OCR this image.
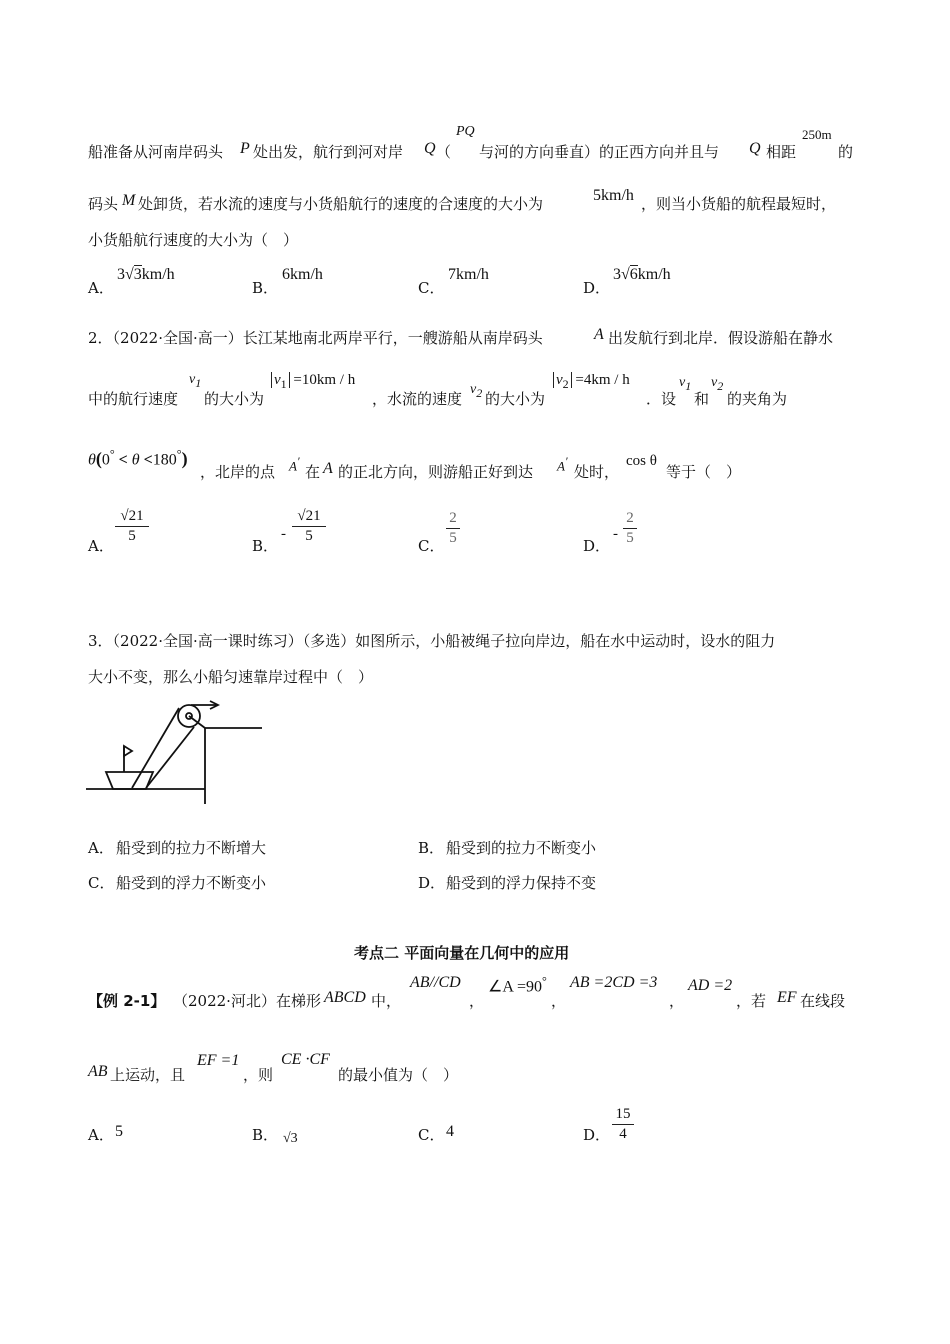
船准备从河南岸码头 P 处出发，航行到河对岸 Q （
PQ
与河的方向垂直）的正西方向并且与 Q 相距
250m
的
码头 M 处卸货，若水流的速度与小货船航行的速度的合速度的大小为	5km/h ，则当小货船的航程最短时，
小货船航行速度的大小为（　）
A．
3√3km/h
B．
6km/h
C．
7km/h
D．
3√6km/h
2．（2022·全国·高一）长江某地南北两岸平行，一艘游船从南岸码头	A 出发航行到北岸．假设游船在静水
中的航行速度
$v_1$
的大小为
$v_1 =10km / h$
，水流的速度
$v_2$ 的大小为
$v_2 =4km / h$
．设
$v_1$
和
$v_2$
的夹角为
θ(0° < θ <180°)
，北岸的点 A′
在 A 的正北方向，则游船正好到达 A′
处时，
cos θ
等于（　）
A．
√21
5
B．
-
√21
5
C．
2
5	D．
-
2
5
3．（2022·全国·高一课时练习）（多选）如图所示，小船被绳子拉向岸边，船在水中运动时，设水的阻力
大小不变，那么小船匀速靠岸过程中（　）
A． 船受到的拉力不断增大	B． 船受到的拉力不断变小
C． 船受到的浮力不断变小	D． 船受到的浮力保持不变
考点二 平面向量在几何中的应用
【例 2-1】 （2022·河北）在梯形 ABCD 中，
AB//CD
，
∠A =90°
，
AB =2CD =3
，
AD =2
，若 EF 在线段
AB 上运动，且
EF =1
，则
CE ·CF
的最小值为（　）
A． 5	B． √3	C． 4	D．
15
4
